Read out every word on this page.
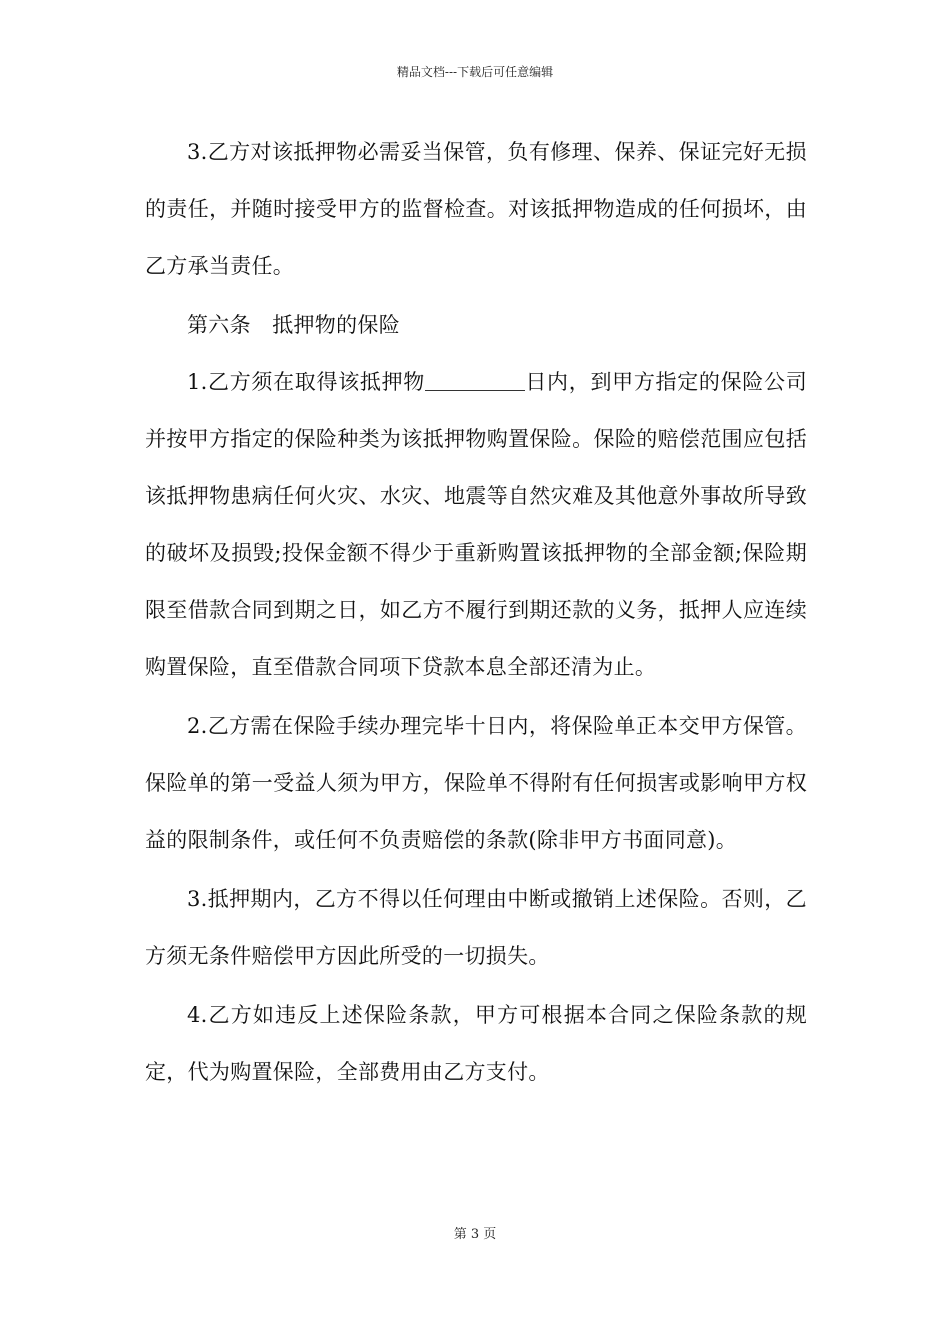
精品文档---下载后可任意编辑

3.乙方对该抵押物必需妥当保管，负有修理、保养、保证完好无损的责任，并随时接受甲方的监督检查。对该抵押物造成的任何损坏，由乙方承当责任。

第六条　抵押物的保险

1.乙方须在取得该抵押物	日内，到甲方指定的保险公司并按甲方指定的保险种类为该抵押物购置保险。保险的赔偿范围应包括该抵押物患病任何火灾、水灾、地震等自然灾难及其他意外事故所导致的破坏及损毁;投保金额不得少于重新购置该抵押物的全部金额;保险期限至借款合同到期之日，如乙方不履行到期还款的义务，抵押人应连续购置保险，直至借款合同项下贷款本息全部还清为止。

2.乙方需在保险手续办理完毕十日内，将保险单正本交甲方保管。保险单的第一受益人须为甲方，保险单不得附有任何损害或影响甲方权益的限制条件，或任何不负责赔偿的条款(除非甲方书面同意)。

3.抵押期内，乙方不得以任何理由中断或撤销上述保险。否则，乙方须无条件赔偿甲方因此所受的一切损失。

4.乙方如违反上述保险条款，甲方可根据本合同之保险条款的规定，代为购置保险，全部费用由乙方支付。

第 3 页
